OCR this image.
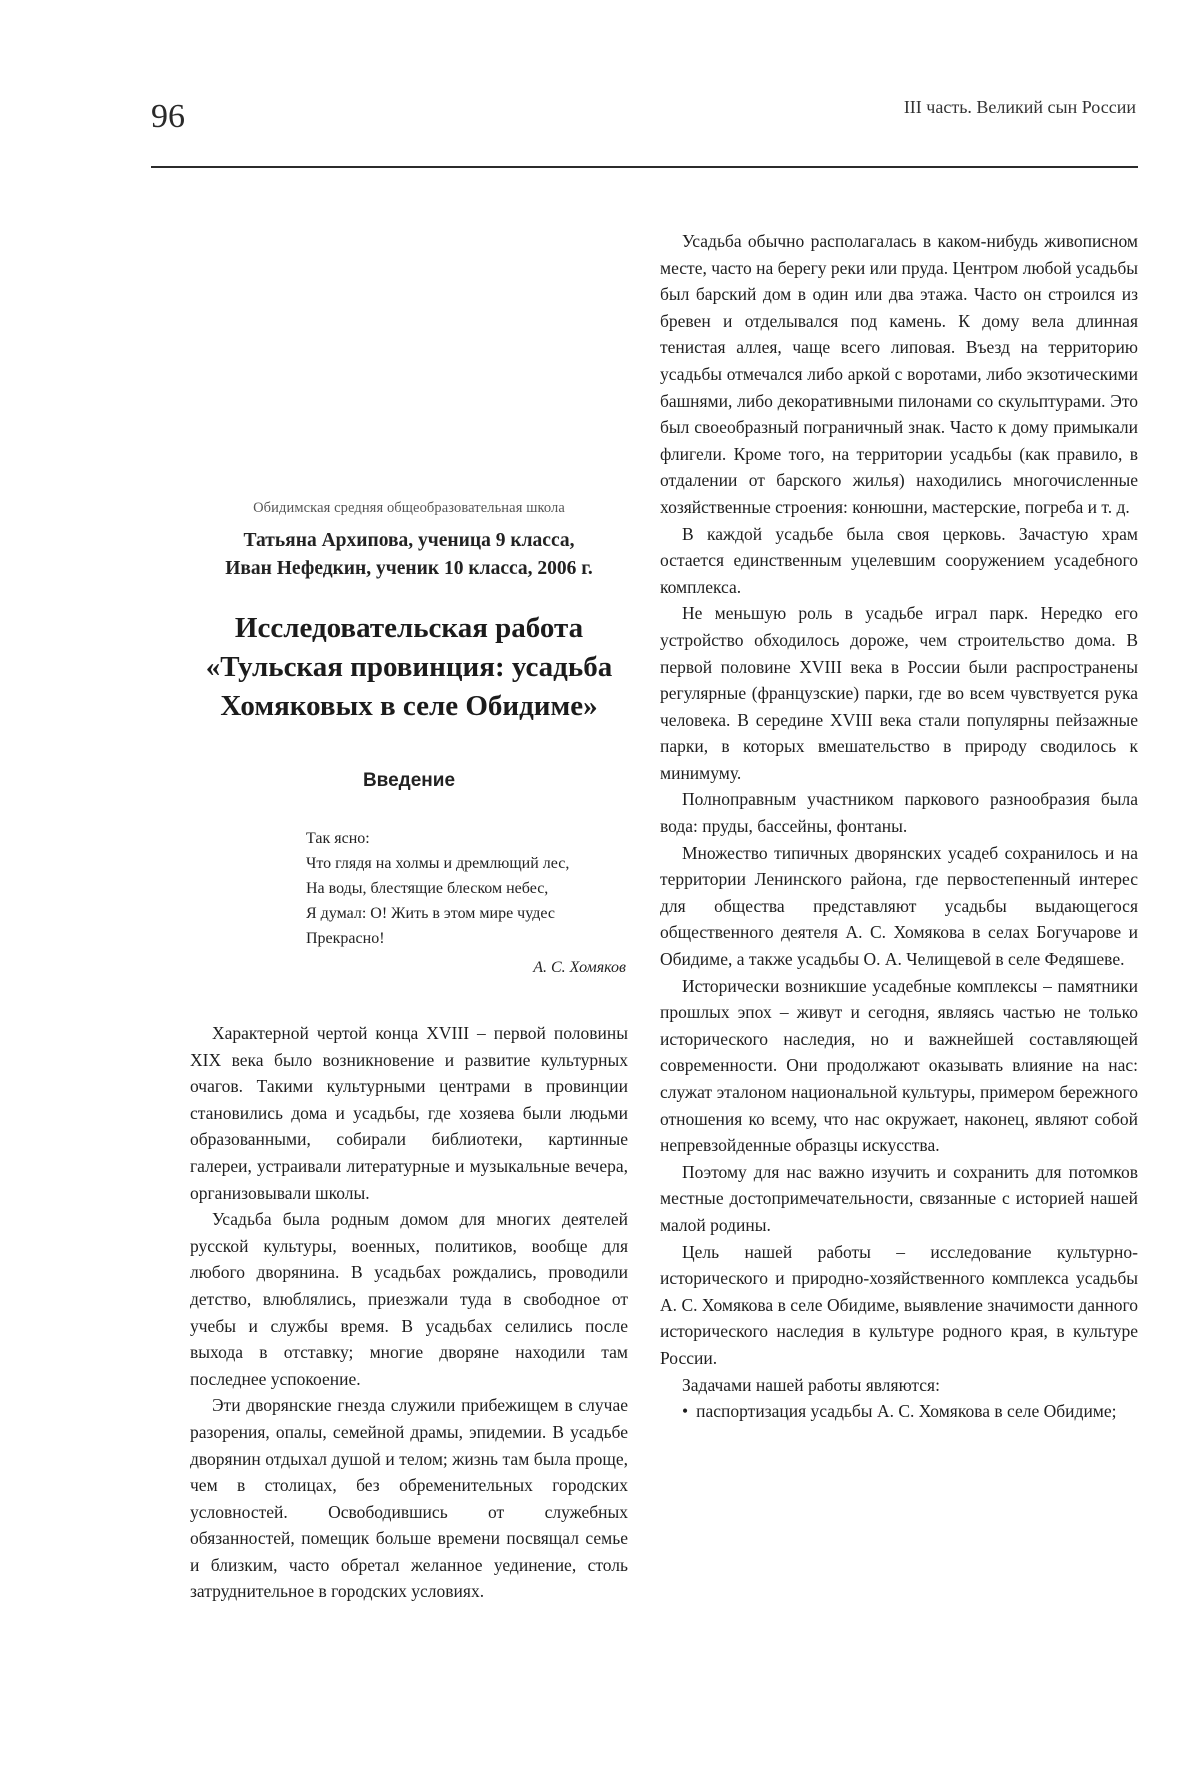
96	III часть. Великий сын России

Обидимская средняя общеобразовательная школа

Татьяна Архипова, ученица 9 класса,
Иван Нефедкин, ученик 10 класса, 2006 г.
Исследовательская работа
«Тульская провинция: усадьба
Хомяковых в селе Обидиме»
Введение
Так ясно:
Что глядя на холмы и дремлющий лес,
На воды, блестящие блеском небес,
Я думал: О! Жить в этом мире чудес
Прекрасно!
А. С. Хомяков

Характерной чертой конца XVIII – первой половины XIX века было возникновение и развитие культурных очагов. Такими культурными центрами в провинции становились дома и усадьбы, где хозяева были людьми образованными, собирали библиотеки, картинные галереи, устраивали литературные и музыкальные вечера, организовывали школы.

Усадьба была родным домом для многих деятелей русской культуры, военных, политиков, вообще для любого дворянина. В усадьбах рождались, проводили детство, влюблялись, приезжали туда в свободное от учебы и службы время. В усадьбах селились после выхода в отставку; многие дворяне находили там последнее успокоение.

Эти дворянские гнезда служили прибежищем в случае разорения, опалы, семейной драмы, эпидемии. В усадьбе дворянин отдыхал душой и телом; жизнь там была проще, чем в столицах, без обременительных городских условностей. Освободившись от служебных обязанностей, помещик больше времени посвящал семье и близким, часто обретал желанное уединение, столь затруднительное в городских условиях.

Усадьба обычно располагалась в каком-нибудь живописном месте, часто на берегу реки или пруда. Центром любой усадьбы был барский дом в один или два этажа. Часто он строился из бревен и отделывался под камень. К дому вела длинная тенистая аллея, чаще всего липовая. Въезд на территорию усадьбы отмечался либо аркой с воротами, либо экзотическими башнями, либо декоративными пилонами со скульптурами. Это был своеобразный пограничный знак. Часто к дому примыкали флигели. Кроме того, на территории усадьбы (как правило, в отдалении от барского жилья) находились многочисленные хозяйственные строения: конюшни, мастерские, погреба и т. д.

В каждой усадьбе была своя церковь. Зачастую храм остается единственным уцелевшим сооружением усадебного комплекса.

Не меньшую роль в усадьбе играл парк. Нередко его устройство обходилось дороже, чем строительство дома. В первой половине XVIII века в России были распространены регулярные (французские) парки, где во всем чувствуется рука человека. В середине XVIII века стали популярны пейзажные парки, в которых вмешательство в природу сводилось к минимуму.

Полноправным участником паркового разнообразия была вода: пруды, бассейны, фонтаны.

Множество типичных дворянских усадеб сохранилось и на территории Ленинского района, где первостепенный интерес для общества представляют усадьбы выдающегося общественного деятеля А. С. Хомякова в селах Богучарове и Обидиме, а также усадьбы О. А. Челищевой в селе Федяшеве.

Исторически возникшие усадебные комплексы – памятники прошлых эпох – живут и сегодня, являясь частью не только исторического наследия, но и важнейшей составляющей современности. Они продолжают оказывать влияние на нас: служат эталоном национальной культуры, примером бережного отношения ко всему, что нас окружает, наконец, являют собой непревзойденные образцы искусства.

Поэтому для нас важно изучить и сохранить для потомков местные достопримечательности, связанные с историей нашей малой родины.

Цель нашей работы – исследование культурно-исторического и природно-хозяйственного комплекса усадьбы А. С. Хомякова в селе Обидиме, выявление значимости данного исторического наследия в культуре родного края, в культуре России.

Задачами нашей работы являются:

• паспортизация усадьбы А. С. Хомякова в селе Обидиме;
